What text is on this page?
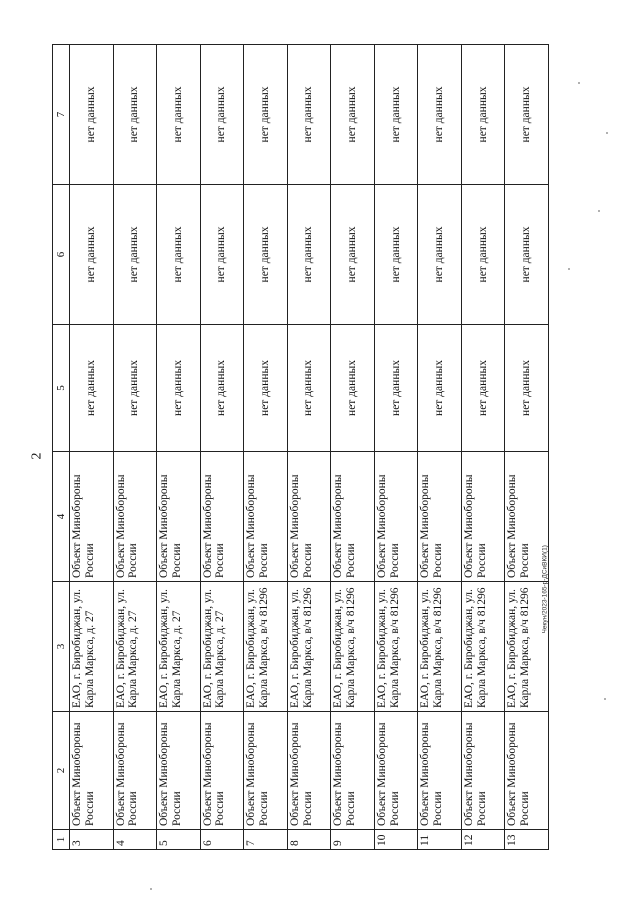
2
Чекун/2023-165-р-ДСиВКИ(1)
1	2	3	4	5	6	7
3	Объект Минобороны России	ЕАО, г. Биробиджан, ул. Карла Маркса, д. 27	Объект Минобороны России	нет данных	нет данных	нет данных
4	Объект Минобороны России	ЕАО, г. Биробиджан, ул. Карла Маркса, д. 27	Объект Минобороны России	нет данных	нет данных	нет данных
5	Объект Минобороны России	ЕАО, г. Биробиджан, ул. Карла Маркса, д. 27	Объект Минобороны России	нет данных	нет данных	нет данных
6	Объект Минобороны России	ЕАО, г. Биробиджан, ул. Карла Маркса, д. 27	Объект Минобороны России	нет данных	нет данных	нет данных
7	Объект Минобороны России	ЕАО, г. Биробиджан, ул. Карла Маркса, в/ч 81296	Объект Минобороны России	нет данных	нет данных	нет данных
8	Объект Минобороны России	ЕАО, г. Биробиджан, ул. Карла Маркса, в/ч 81296	Объект Минобороны России	нет данных	нет данных	нет данных
9	Объект Минобороны России	ЕАО, г. Биробиджан, ул. Карла Маркса, в/ч 81296	Объект Минобороны России	нет данных	нет данных	нет данных
10	Объект Минобороны России	ЕАО, г. Биробиджан, ул. Карла Маркса, в/ч 81296	Объект Минобороны России	нет данных	нет данных	нет данных
11	Объект Минобороны России	ЕАО, г. Биробиджан, ул. Карла Маркса, в/ч 81296	Объект Минобороны России	нет данных	нет данных	нет данных
12	Объект Минобороны России	ЕАО, г. Биробиджан, ул. Карла Маркса, в/ч 81296	Объект Минобороны России	нет данных	нет данных	нет данных
13	Объект Минобороны России	ЕАО, г. Биробиджан, ул. Карла Маркса, в/ч 81296	Объект Минобороны России	нет данных	нет данных	нет данных
